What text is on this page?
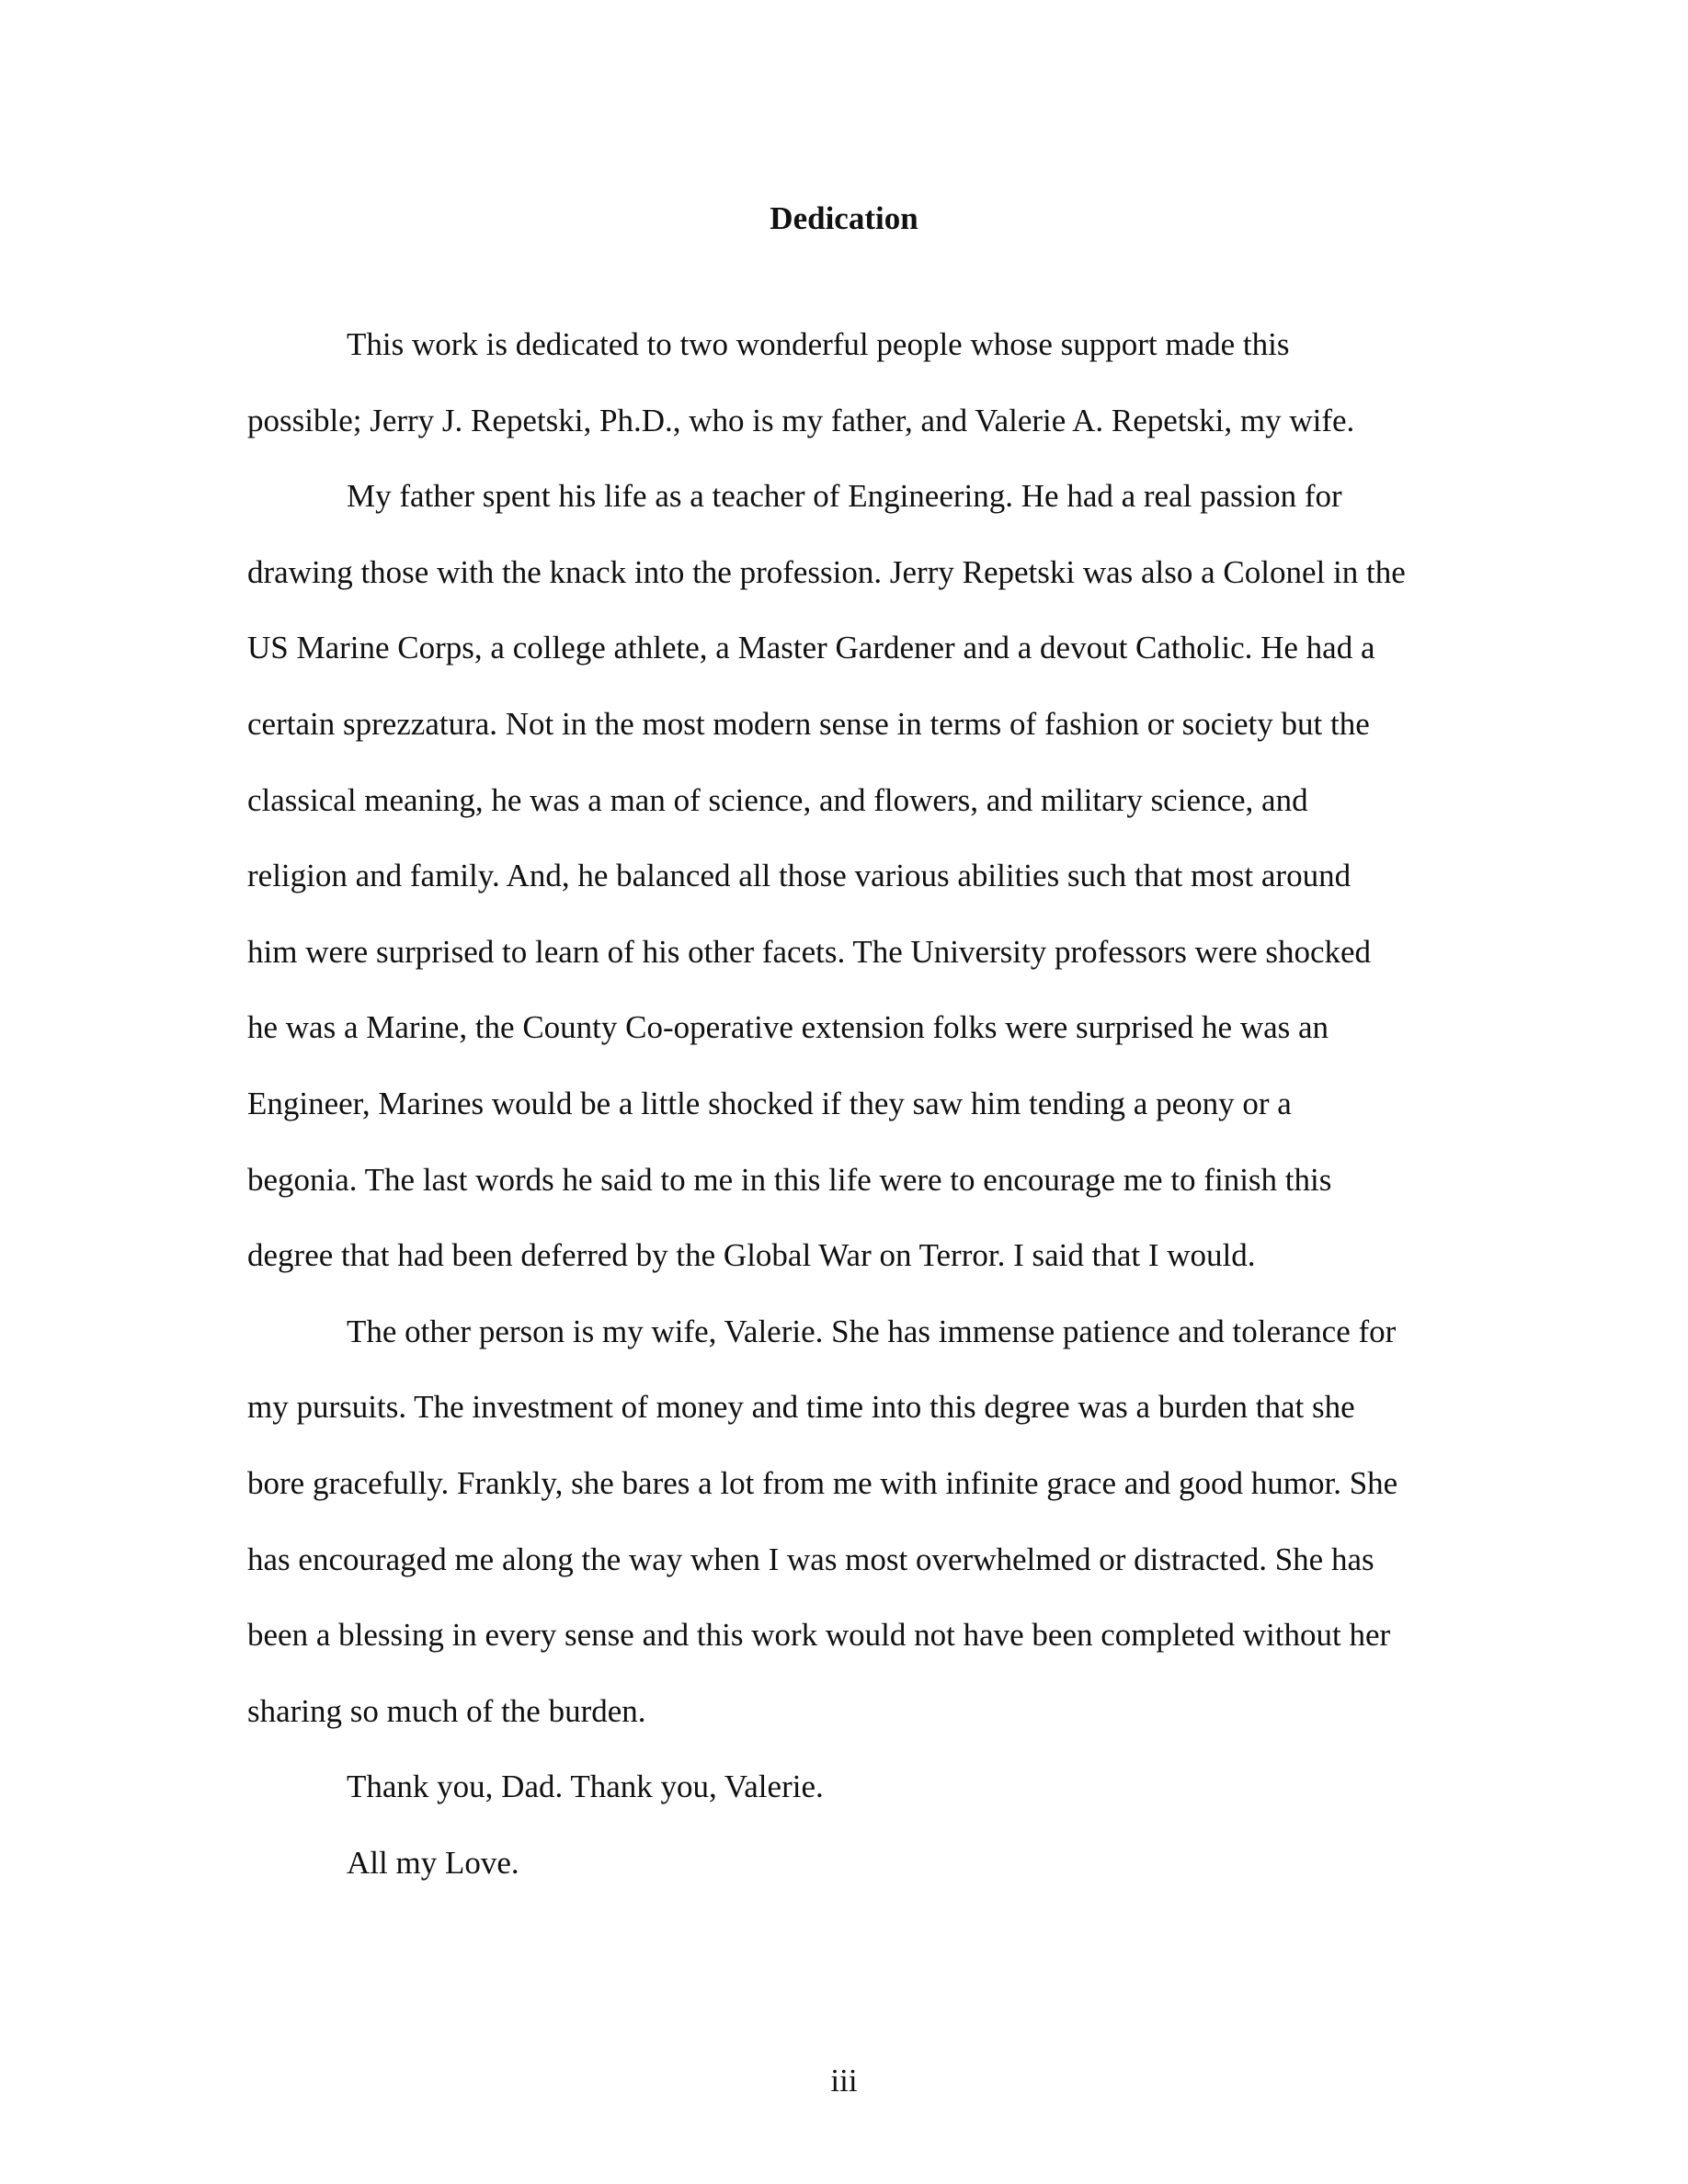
Dedication

This work is dedicated to two wonderful people whose support made this
possible; Jerry J. Repetski, Ph.D., who is my father, and Valerie A. Repetski, my wife.

My father spent his life as a teacher of Engineering. He had a real passion for
drawing those with the knack into the profession. Jerry Repetski was also a Colonel in the
US Marine Corps, a college athlete, a Master Gardener and a devout Catholic. He had a
certain sprezzatura. Not in the most modern sense in terms of fashion or society but the
classical meaning, he was a man of science, and flowers, and military science, and
religion and family. And, he balanced all those various abilities such that most around
him were surprised to learn of his other facets. The University professors were shocked
he was a Marine, the County Co-operative extension folks were surprised he was an
Engineer, Marines would be a little shocked if they saw him tending a peony or a
begonia. The last words he said to me in this life were to encourage me to finish this
degree that had been deferred by the Global War on Terror. I said that I would.

The other person is my wife, Valerie. She has immense patience and tolerance for
my pursuits. The investment of money and time into this degree was a burden that she
bore gracefully. Frankly, she bares a lot from me with infinite grace and good humor. She
has encouraged me along the way when I was most overwhelmed or distracted. She has
been a blessing in every sense and this work would not have been completed without her
sharing so much of the burden.

Thank you, Dad. Thank you, Valerie.

All my Love.

iii
